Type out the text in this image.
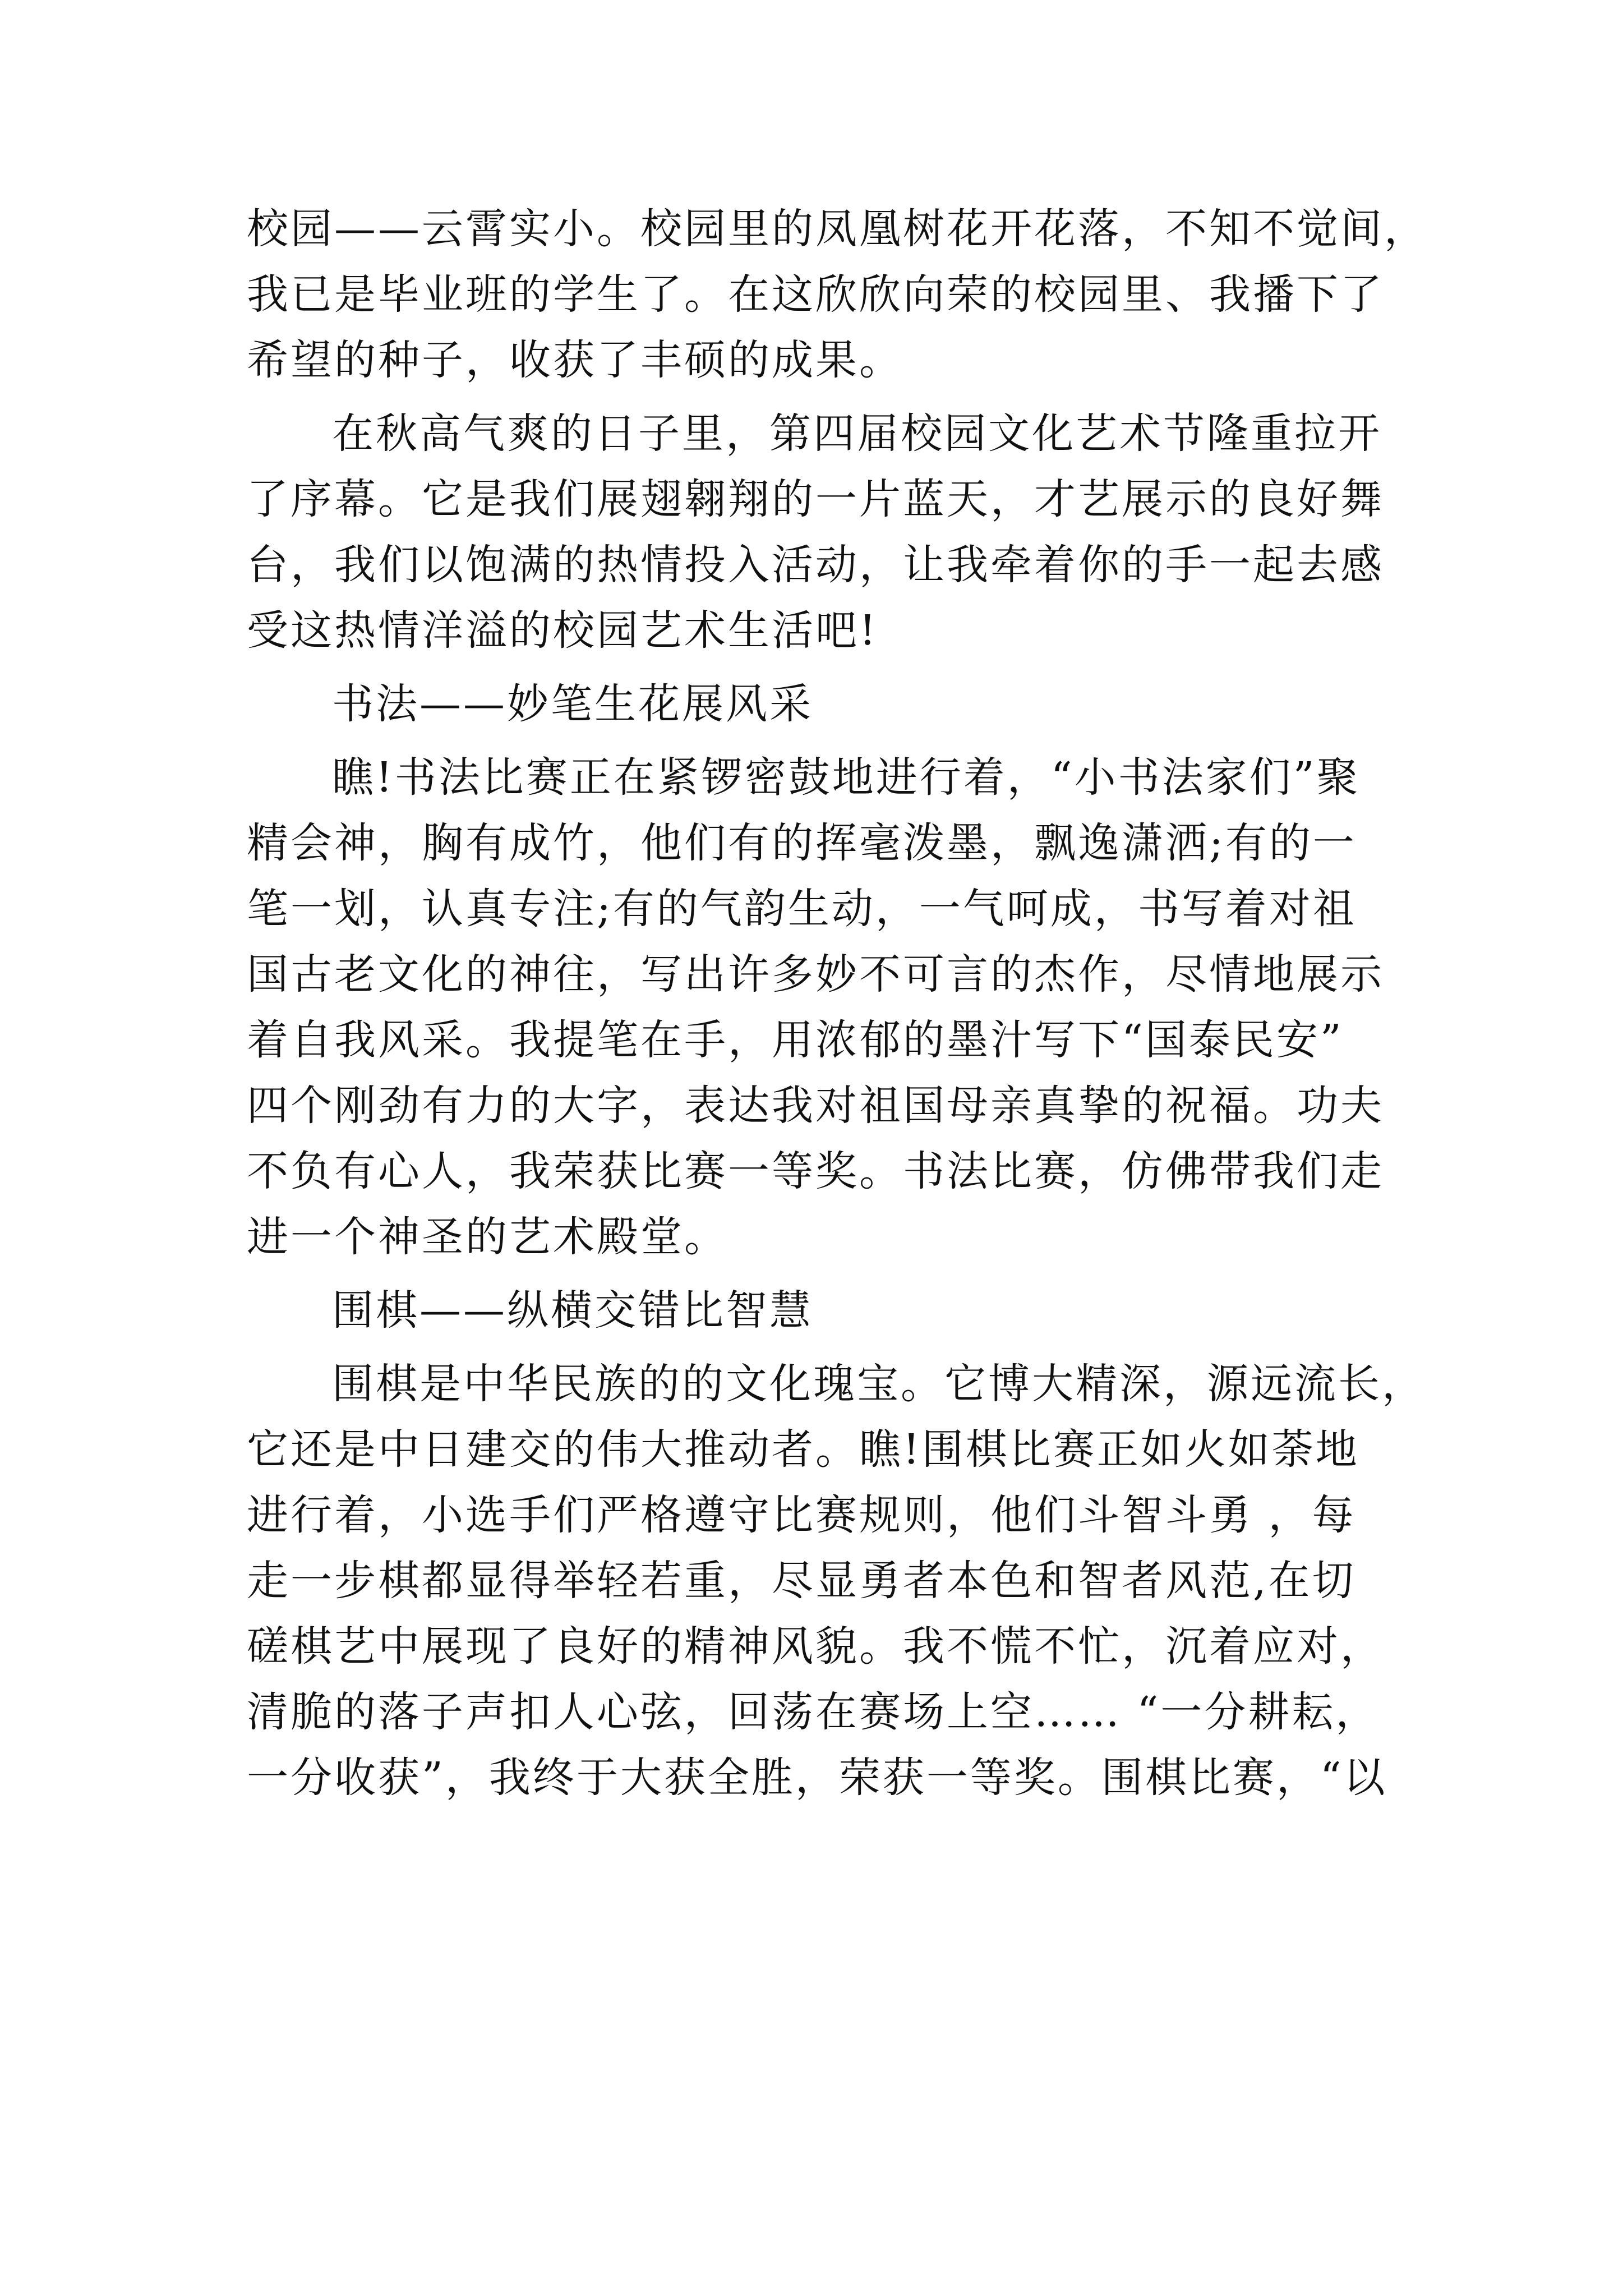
校园——云霄实小。校园里的凤凰树花开花落，不知不觉间，
我已是毕业班的学生了。在这欣欣向荣的校园里、我播下了
希望的种子，收获了丰硕的成果。
在秋高气爽的日子里，第四届校园文化艺术节隆重拉开
了序幕。它是我们展翅翱翔的一片蓝天，才艺展示的良好舞
台，我们以饱满的热情投入活动，让我牵着你的手一起去感
受这热情洋溢的校园艺术生活吧!
书法——妙笔生花展风采
瞧!书法比赛正在紧锣密鼓地进行着，“小书法家们”聚
精会神，胸有成竹，他们有的挥毫泼墨，飘逸潇洒;有的一
笔一划，认真专注;有的气韵生动，一气呵成，书写着对祖
国古老文化的神往，写出许多妙不可言的杰作，尽情地展示
着自我风采。我提笔在手，用浓郁的墨汁写下“国泰民安”
四个刚劲有力的大字，表达我对祖国母亲真挚的祝福。功夫
不负有心人，我荣获比赛一等奖。书法比赛，仿佛带我们走
进一个神圣的艺术殿堂。
围棋——纵横交错比智慧
围棋是中华民族的的文化瑰宝。它博大精深，源远流长，
它还是中日建交的伟大推动者。瞧!围棋比赛正如火如荼地
进行着，小选手们严格遵守比赛规则，他们斗智斗勇 ，每
走一步棋都显得举轻若重，尽显勇者本色和智者风范,在切
磋棋艺中展现了良好的精神风貌。我不慌不忙，沉着应对，
清脆的落子声扣人心弦，回荡在赛场上空…… “一分耕耘，
一分收获”，我终于大获全胜，荣获一等奖。围棋比赛，“以
